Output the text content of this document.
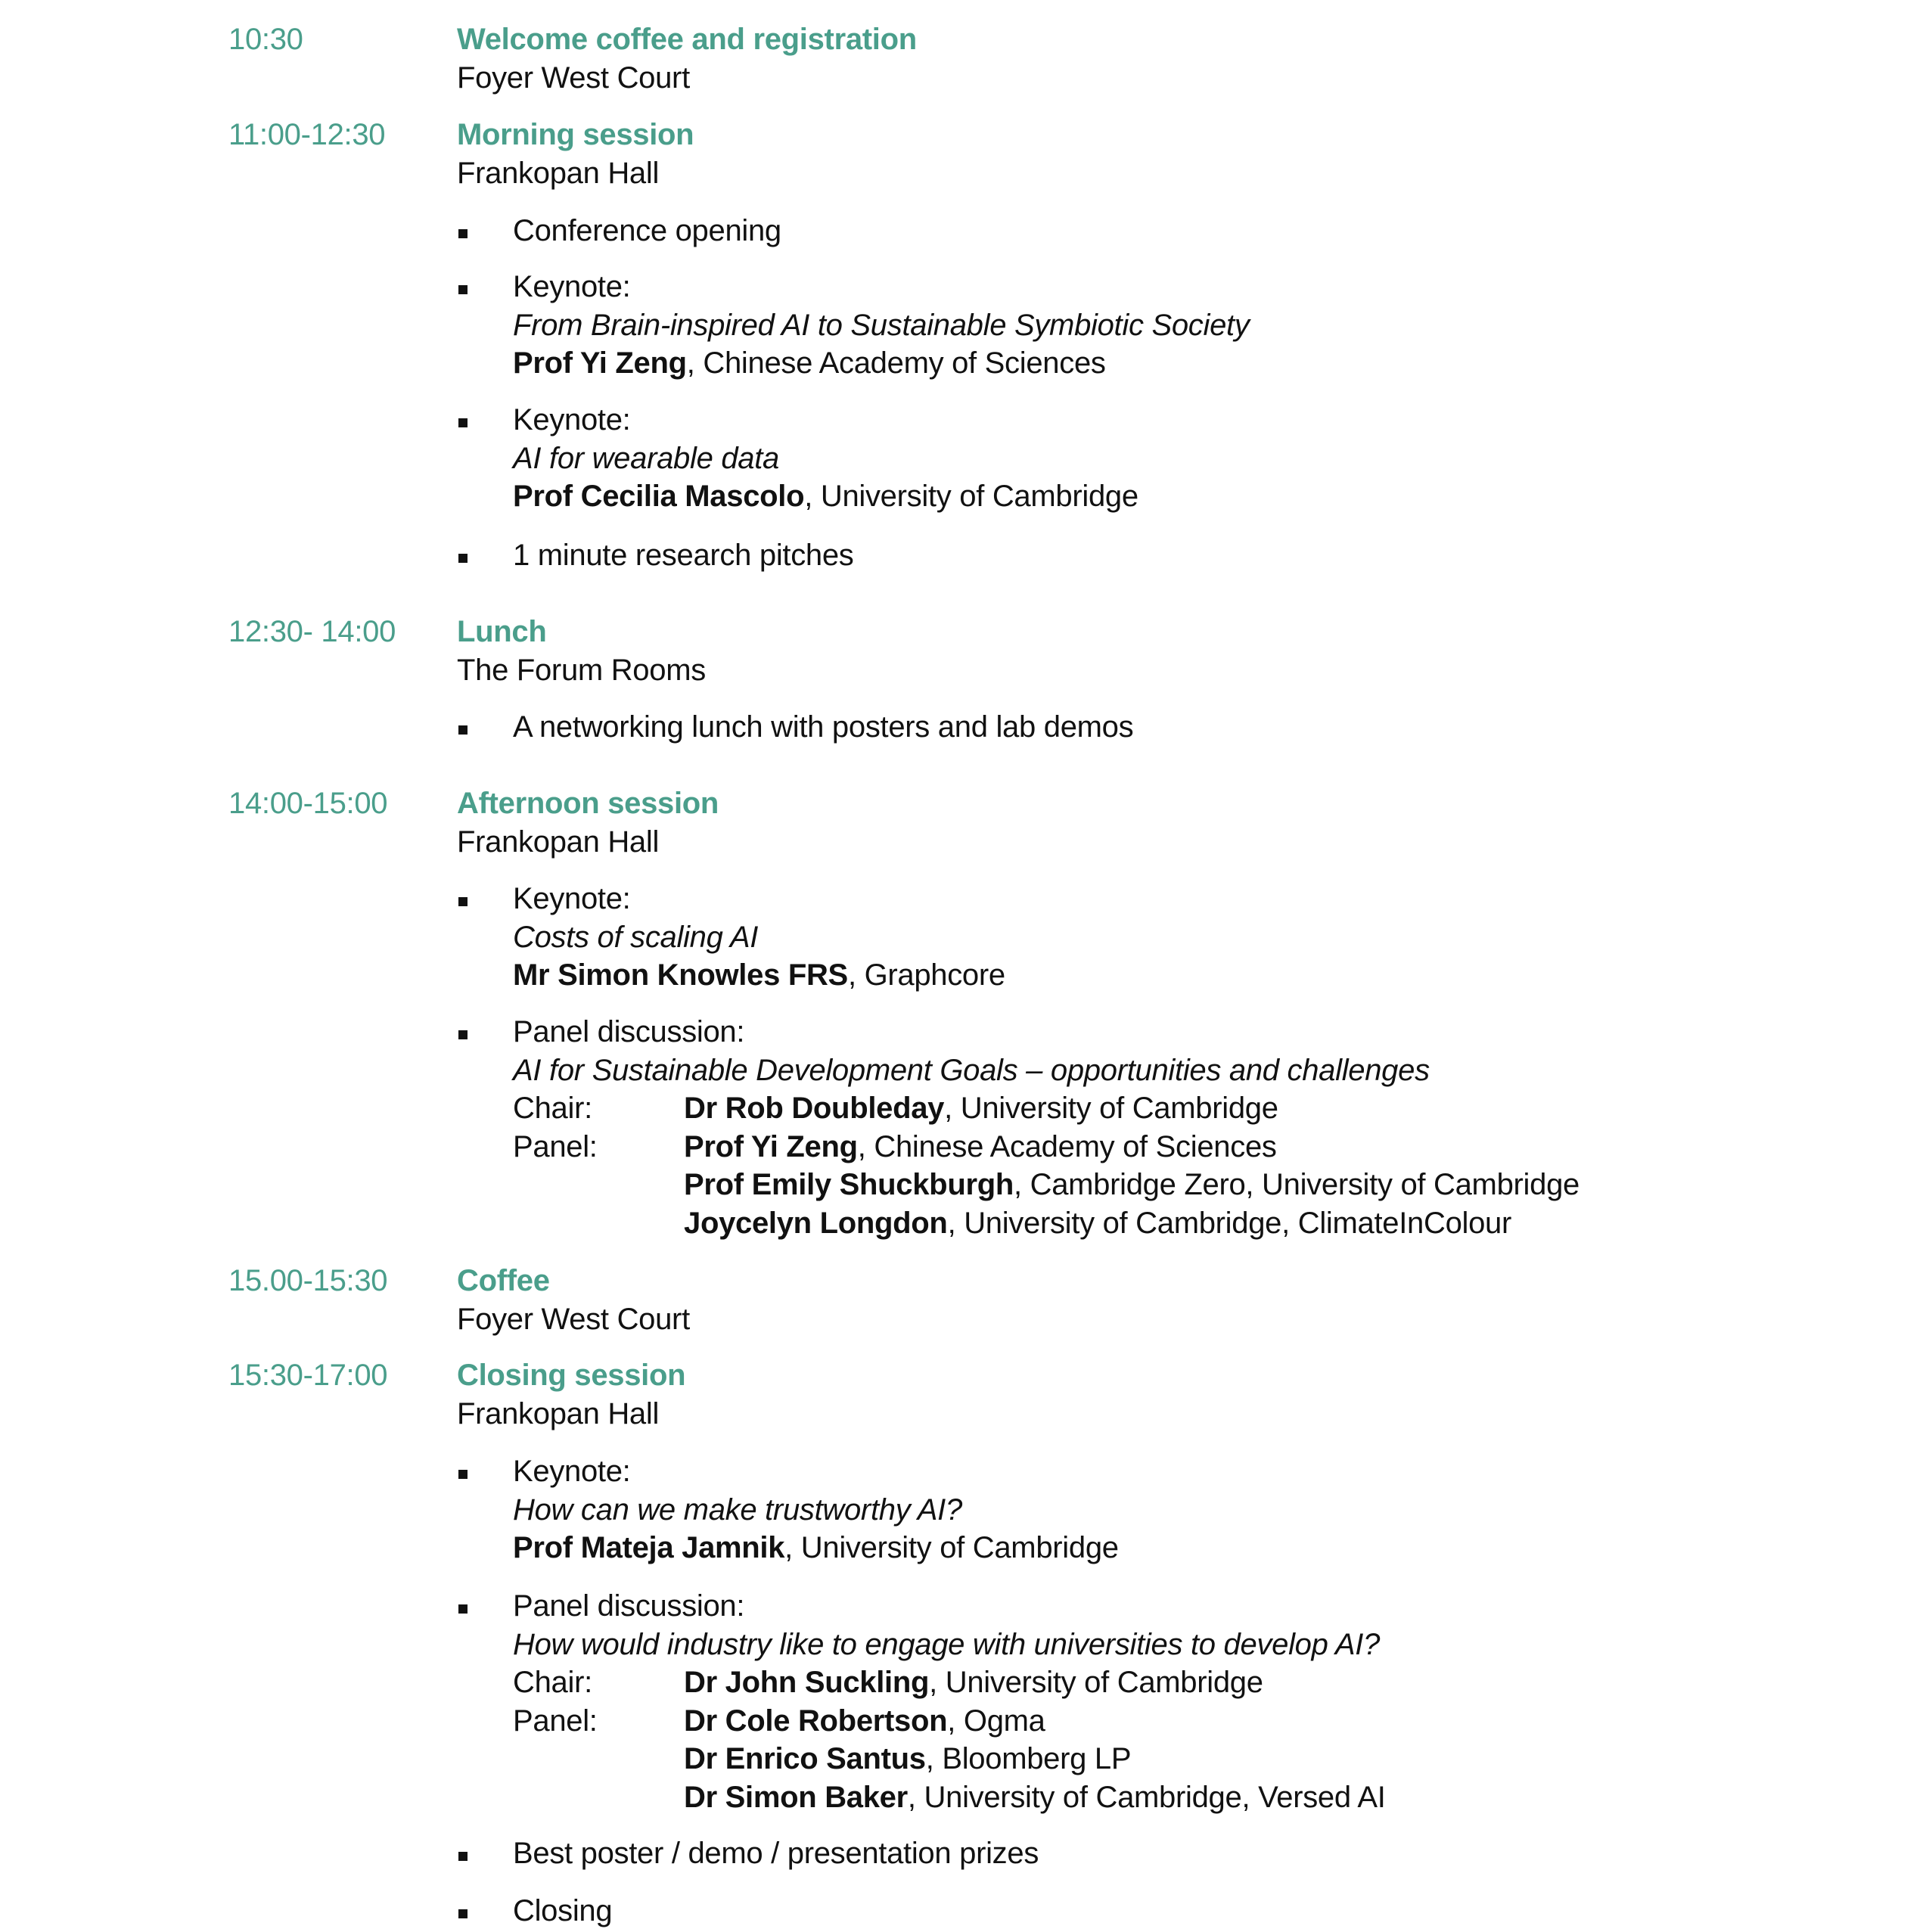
10:30	Welcome coffee and registration
Foyer West Court
11:00-12:30 Morning session
Frankopan Hall
Conference opening
Keynote:
From Brain-inspired AI to Sustainable Symbiotic Society
Prof Yi Zeng, Chinese Academy of Sciences
Keynote:
AI for wearable data
Prof Cecilia Mascolo, University of Cambridge
1 minute research pitches
12:30- 14:00 Lunch
The Forum Rooms
A networking lunch with posters and lab demos
14:00-15:00 Afternoon session
Frankopan Hall
Keynote:
Costs of scaling AI
Mr Simon Knowles FRS, Graphcore
Panel discussion:
AI for Sustainable Development Goals – opportunities and challenges
Chair:	Dr Rob Doubleday, University of Cambridge
Panel:	Prof Yi Zeng, Chinese Academy of Sciences
Prof Emily Shuckburgh, Cambridge Zero, University of Cambridge
Joycelyn Longdon, University of Cambridge, ClimateInColour
15.00-15:30 Coffee
Foyer West Court
15:30-17:00 Closing session
Frankopan Hall
Keynote:
How can we make trustworthy AI?
Prof Mateja Jamnik, University of Cambridge
Panel discussion:
How would industry like to engage with universities to develop AI?
Chair:	Dr John Suckling, University of Cambridge
Panel:	Dr Cole Robertson, Ogma
Dr Enrico Santus, Bloomberg LP
Dr Simon Baker, University of Cambridge, Versed AI
Best poster / demo / presentation prizes
Closing
